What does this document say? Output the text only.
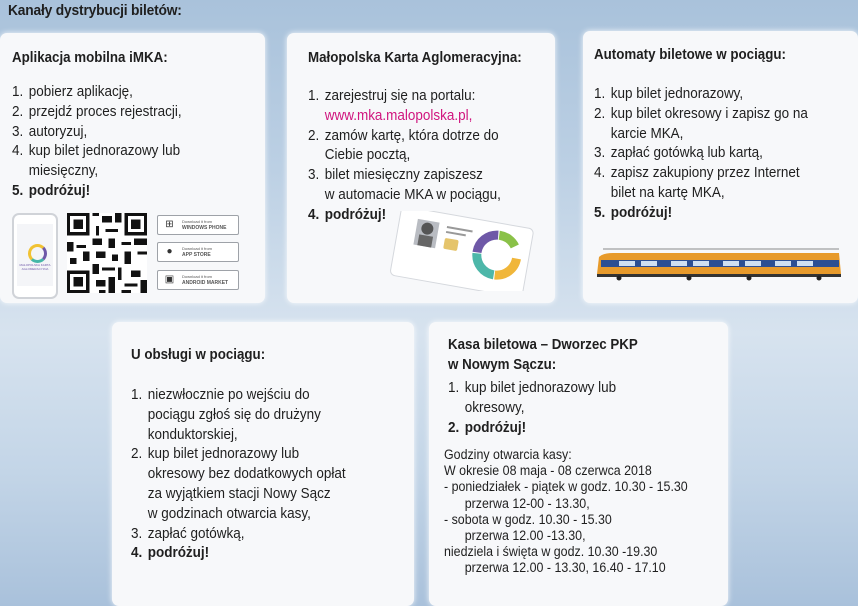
Kanały dystrybucji biletów:
Aplikacja mobilna iMKA:
1. pobierz aplikację,
2. przejdź proces rejestracji,
3. autoryzuj,
4. kup bilet jednorazowy lub
miesięczny,
5. podróżuj!
MAŁOPOLSKA KARTA AGLOMERACYJNA
⊞	Download it from
WINDOWS PHONE
●	Download it from
APP STORE
▣ Download it from
ANDROID MARKET
Małopolska Karta Aglomeracyjna:
1. zarejestruj się na portalu:
www.mka.malopolska.pl,
2. zamów kartę, która dotrze do
Ciebie pocztą,
3. bilet miesięczny zapiszesz
w automacie MKA w pociągu,
4. podróżuj!
Automaty biletowe w pociągu:
1. kup bilet jednorazowy,
2. kup bilet okresowy i zapisz go na
karcie MKA,
3. zapłać gotówką lub kartą,
4. zapisz zakupiony przez Internet
bilet na kartę MKA,
5. podróżuj!
U obsługi w pociągu:
1. niezwłocznie po wejściu do
pociągu zgłoś się do drużyny
konduktorskiej,
2. kup bilet jednorazowy lub
okresowy bez dodatkowych opłat
za wyjątkiem stacji Nowy Sącz
w godzinach otwarcia kasy,
3. zapłać gotówką,
4. podróżuj!
Kasa biletowa – Dworzec PKP
w Nowym Sączu:
1. kup bilet jednorazowy lub
okresowy,
2. podróżuj!
Godziny otwarcia kasy:
W okresie 08 maja - 08 czerwca 2018
- poniedziałek - piątek w godz. 10.30 - 15.30
przerwa 12-00 - 13.30,
- sobota w godz. 10.30 - 15.30
przerwa 12.00 -13.30,
niedziela i święta w godz. 10.30 -19.30
przerwa 12.00 - 13.30, 16.40 - 17.10
